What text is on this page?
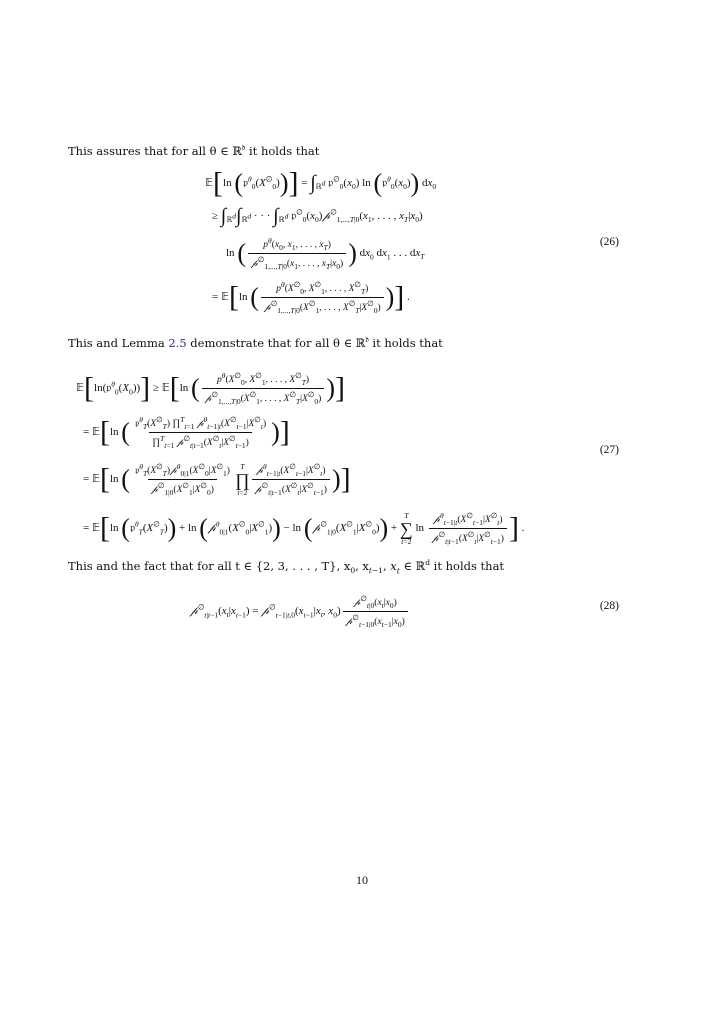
This assures that for all θ ∈ ℝ$^𝔡$ it holds that
𝔼[ln $(𝔭^\theta_0(X^\emptyset_0))] = \int_{ℝ^d}$ $𝔭^\emptyset_0(x_0)$ $\ln (𝔭^\theta_0(x_0))$ $dx_0$
≥ $\int_{ℝ^d}\int_{ℝ^d}$ · · · $\int_{ℝ^d}$ $𝔭^\emptyset_0(x_0)𝓅^\emptyset_{1,...,T|0}(x_1$, . . . , $x_T|x_0$)
ln ( $\frac{p^\theta(x_0, x_1, . . . , x_T)}{𝓅^\emptyset_{1,...,T|0}(x_1, . . . , x_T|x_0)}$ ) $dx_0$ $dx_1$ . . . $dx_T$
= 𝔼[ln ( $\frac{p^\theta(X^\emptyset_0, X^\emptyset_1, . . . , X^\emptyset_T)}{𝓅^\emptyset_{1,...,T|0}(X^\emptyset_1, . . . , X^\emptyset_T|X^\emptyset_0)}$ )] .
(26)
This and Lemma 2.5 demonstrate that for all θ ∈ ℝ$^𝔡$ it holds that
$𝔼[\ln(𝔭^\theta_0(X_0))]$ ≥ 𝔼[ln ( $\frac{p^\theta(X^\emptyset_0, X^\emptyset_1, . . . , X^\emptyset_T)}{𝓅^\emptyset_{1,...,T|0}(X^\emptyset_1, . . . , X^\emptyset_T|X^\emptyset_0)}$ )]
= 𝔼[ln ( $\frac{𝔭^\theta_T(X^\emptyset_T) \prod^T_{t=1} 𝓅^\theta_{t-1|t}(X^\emptyset_{t-1}|X^\emptyset_t)}{\prod^T_{t=1} 𝓅^\emptyset_{t|t-1}(X^\emptyset_t|X^\emptyset_{t-1})}$ )]
= 𝔼[ln ( $\frac{𝔭^\theta_T(X^\emptyset_T)𝓅^\theta_{0|1}(X^\emptyset_0|X^\emptyset_1)}{𝓅^\emptyset_{1|0}(X^\emptyset_1|X^\emptyset_0)}$ T
∏
$t=2 \frac{𝓅^\theta_{t-1|t}(X^\emptyset_{t-1}|X^\emptyset_t)}{𝓅^\emptyset_{t|t-1}(X^\emptyset_t|X^\emptyset_{t-1})}$ )]
= 𝔼[ln $(𝔭^\theta_T(X^\emptyset_T)) + \ln$ $(𝓅^\theta_{0|1}(X^\emptyset_0|X^\emptyset_1)) - \ln$ $(𝓅^\emptyset_{1|0}(X^\emptyset_1|X^\emptyset_0))$ +
T
∑
t=2
$\ln \frac{𝓅^\theta_{t-1|t}(X^\emptyset_{t-1}|X^\emptyset_t)}{𝓅^\emptyset_{t|t-1}(X^\emptyset_t|X^\emptyset_{t-1})}$ ] .
(27)
This and the fact that for all t ∈ {2, 3, . . . , T}, $x_0$, $x_{t-1}$, $x_t$ ∈ ℝ$^d$ it holds that
$𝓅^\emptyset_{t|t-1}(x_t|x_{t-1})$ = $𝓅^\emptyset_{t-1|t,0}(x_{t-1}|x_t$, $x_0) \frac{𝓅^\emptyset_{t|0}(x_t|x_0)}{𝓅^\emptyset_{t-1|0}(x_{t-1}|x_0)}$	(28)
10
